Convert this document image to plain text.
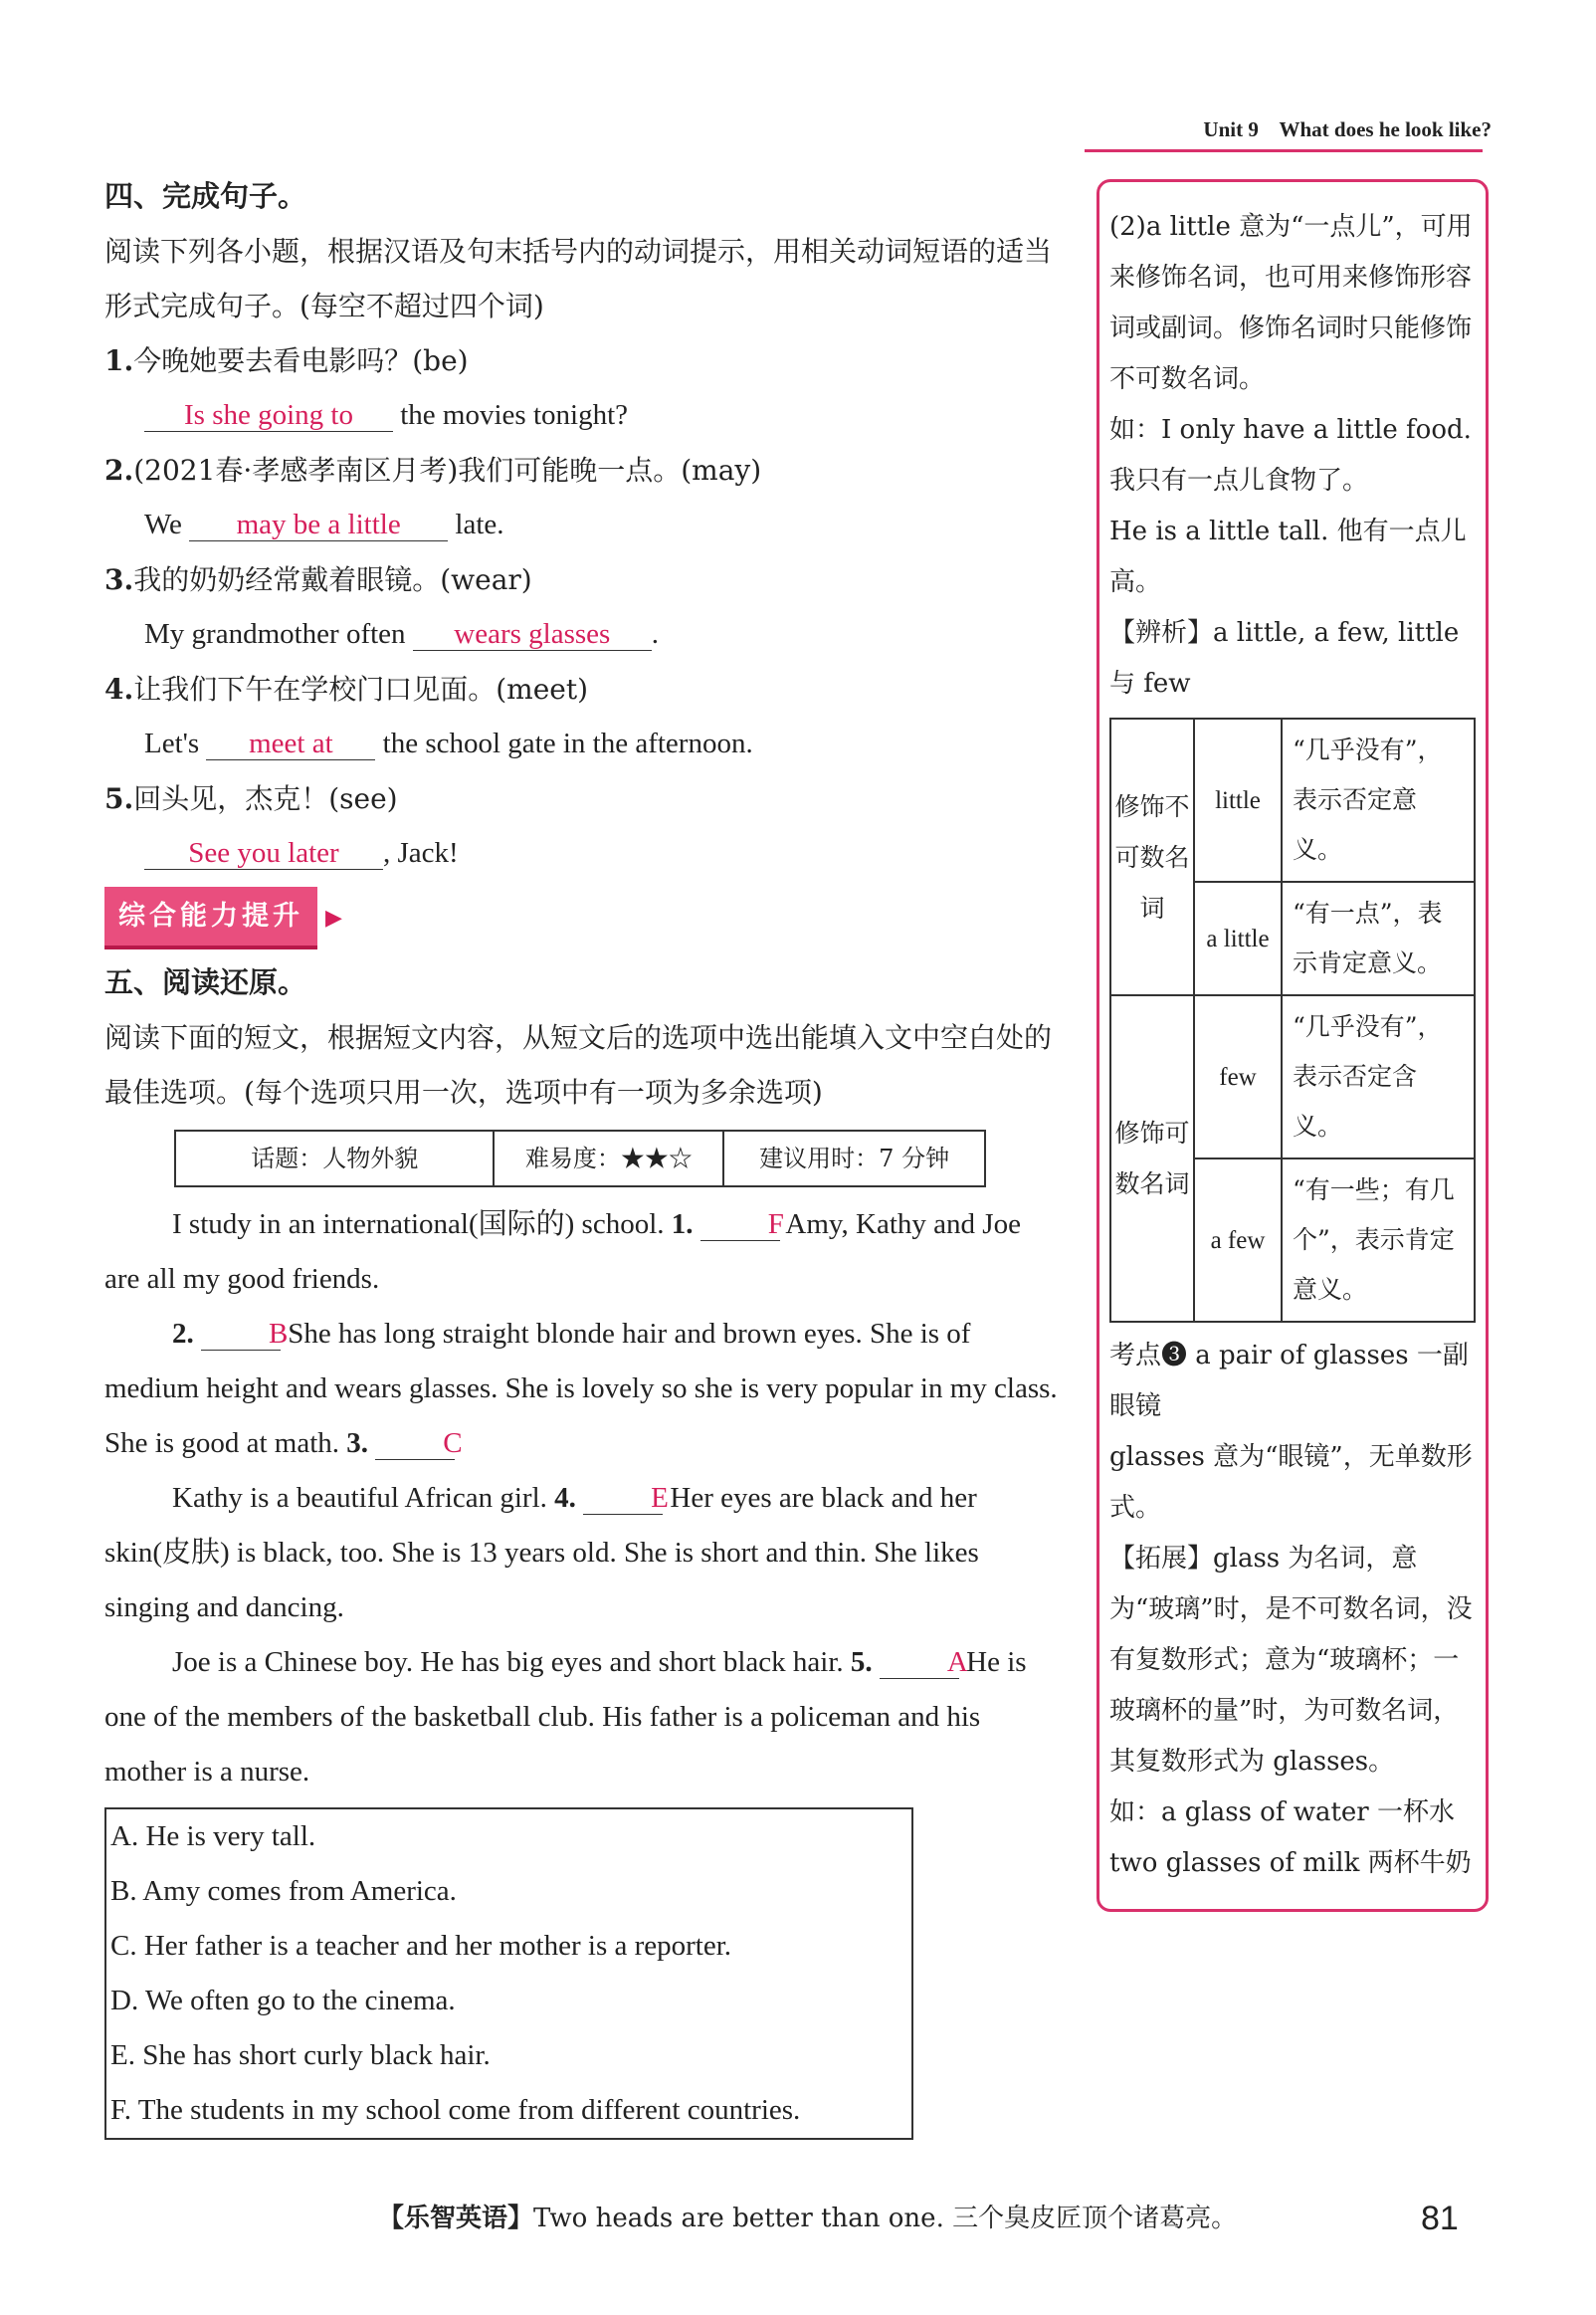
Unit 9 What does he look like?

四、完成句子。

阅读下列各小题，根据汉语及句末括号内的动词提示，用相关动词短语的适当形式完成句子。(每空不超过四个词)

1.今晚她要去看电影吗？(be)

Is she going to the movies tonight?

2.(2021春·孝感孝南区月考)我们可能晚一点。(may)

We may be a little late.

3.我的奶奶经常戴着眼镜。(wear)

My grandmother often wears glasses .

4.让我们下午在学校门口见面。(meet)

Let's meet at the school gate in the afternoon.

5.回头见，杰克！(see)

See you later , Jack!

综合能力提升 ▶

五、阅读还原。

阅读下面的短文，根据短文内容，从短文后的选项中选出能填入文中空白处的最佳选项。(每个选项只用一次，选项中有一项为多余选项)

话题：人物外貌	难易度：★★☆	建议用时：7 分钟

I study in an international(国际的) school. 1.	F Amy, Kathy and Joe are all my good friends.

2.	B She has long straight blonde hair and brown eyes. She is of medium height and wears glasses. She is lovely so she is very popular in my class. She is good at math. 3.	C

Kathy is a beautiful African girl. 4.	E Her eyes are black and her skin(皮肤) is black, too. She is 13 years old. She is short and thin. She likes singing and dancing.

Joe is a Chinese boy. He has big eyes and short black hair. 5.	A He is one of the members of the basketball club. His father is a policeman and his mother is a nurse.

A. He is very tall.
B. Amy comes from America.
C. Her father is a teacher and her mother is a reporter.
D. We often go to the cinema.
E. She has short curly black hair.
F. The students in my school come from different countries.

(2)a little 意为“一点儿”，可用来修饰名词，也可用来修饰形容词或副词。修饰名词时只能修饰不可数名词。

如：I only have a little food. 我只有一点儿食物了。

He is a little tall. 他有一点儿高。

【辨析】a little, a few, little 与 few

修饰不可数名词	little	“几乎没有”，表示否定意义。
	a little	“有一点”，表示肯定意义。
修饰可数名词	few	“几乎没有”，表示否定含义。
	a few	“有一些；有几个”，表示肯定意义。

考点❸ a pair of glasses 一副眼镜

glasses 意为“眼镜”，无单数形式。

【拓展】glass 为名词，意为“玻璃”时，是不可数名词，没有复数形式；意为“玻璃杯；一玻璃杯的量”时，为可数名词，其复数形式为 glasses。

如：a glass of water 一杯水 two glasses of milk 两杯牛奶

【乐智英语】Two heads are better than one. 三个臭皮匠顶个诸葛亮。	81
